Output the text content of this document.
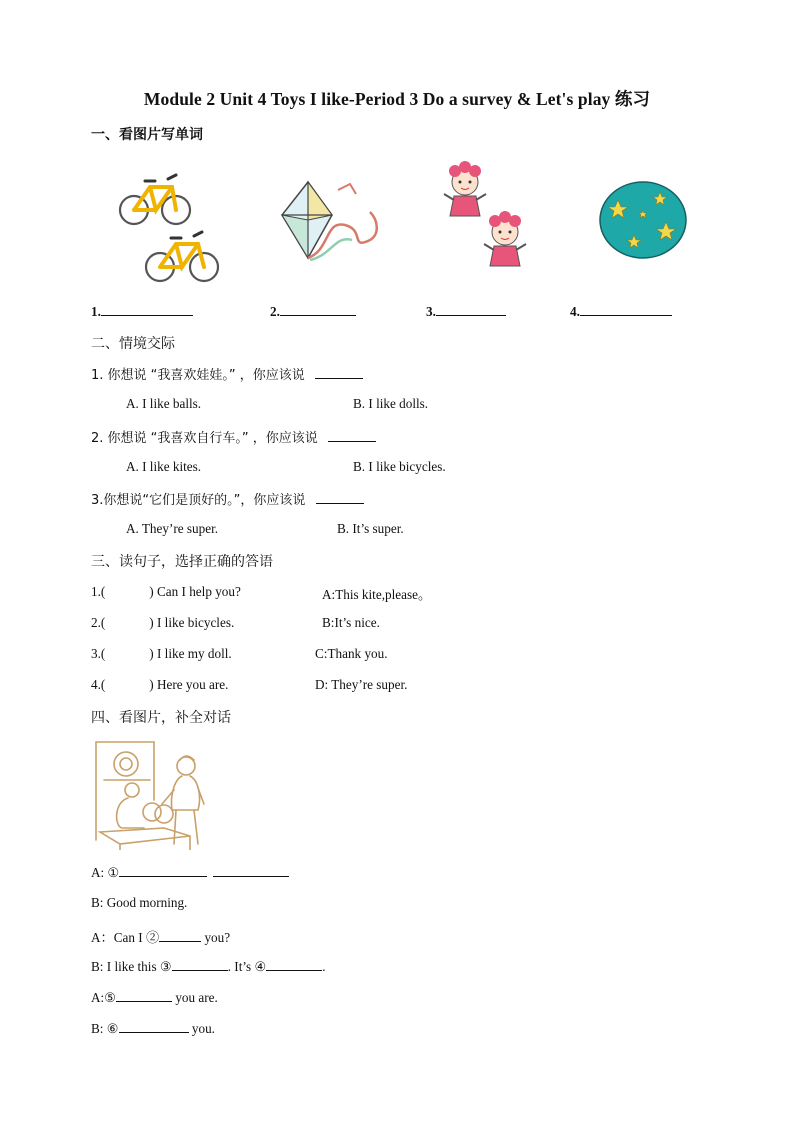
Module 2 Unit 4 Toys I like-Period 3 Do a survey & Let's play 练习
一、看图片写单词
1.	2.	3.	4.
二、情境交际
1. 你想说 “我喜欢娃娃。” ，你应该说
A. I like balls.	B. I like dolls.
2. 你想说 “我喜欢自行车。” ，你应该说
A. I like kites.	B. I like bicycles.
3.你想说“它们是顶好的。”，你应该说
A. They’re super.	B. It’s super.
三、读句子，选择正确的答语
1.(	) Can I help you?	A:This kite,please。
2.(	) I like bicycles.	B:It’s nice.
3.(	) I like my doll.	C:Thank you.
4.(	) Here you are.	D: They’re super.
四、看图片，补全对话
A: ①
B: Good morning.
A：Can I ②	you?
B: I like this ③	. It’s ④	.
A:⑤	you are.
B: ⑥	you.
